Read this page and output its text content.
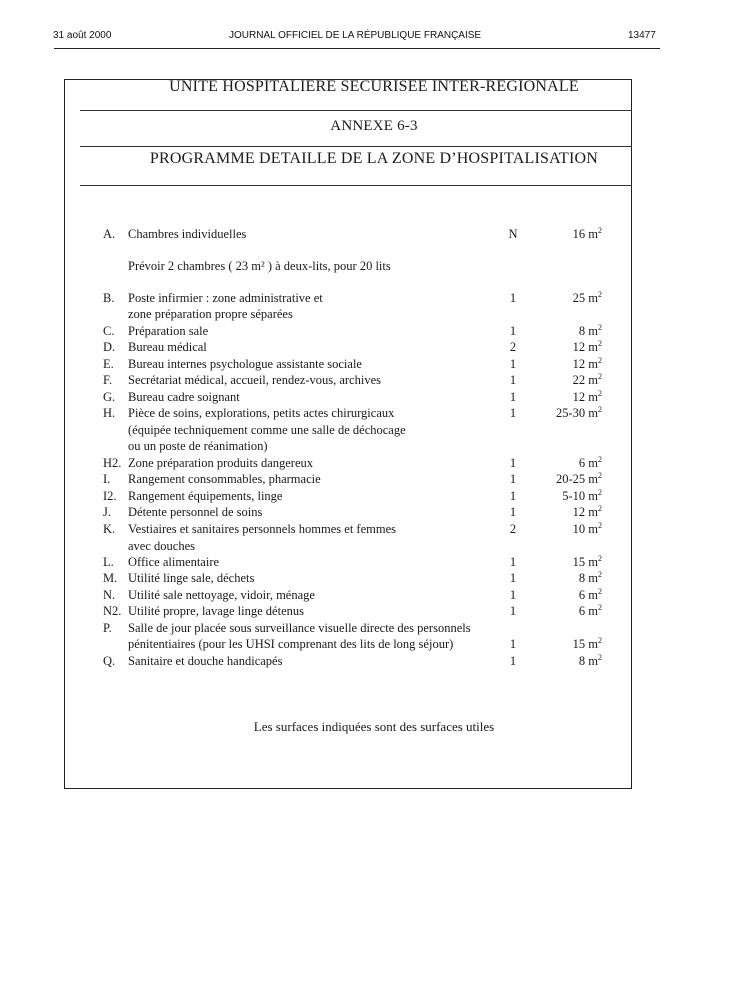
31 août 2000	JOURNAL OFFICIEL DE LA RÉPUBLIQUE FRANÇAISE	13477
UNITE HOSPITALIERE SECURISEE INTER-REGIONALE
ANNEXE 6-3
PROGRAMME DETAILLE DE LA ZONE D’HOSPITALISATION
A. Chambres individuelles	N	16 $m^2$
Prévoir 2 chambres ( 23 m² ) à deux-lits, pour 20 lits
B. Poste infirmier : zone administrative et	1	25 $m^2$
zone préparation propre séparées
C. Préparation sale	1	8 $m^2$
D. Bureau médical	2	12 $m^2$
E. Bureau internes psychologue assistante sociale	1	12 $m^2$
F. Secrétariat médical, accueil, rendez-vous, archives	1	22 $m^2$
G. Bureau cadre soignant	1	12 $m^2$
H. Pièce de soins, explorations, petits actes chirurgicaux	1	25-30 $m^2$
(équipée techniquement comme une salle de déchocage
ou un poste de réanimation)
H2. Zone préparation produits dangereux	1	6 $m^2$
I. Rangement consommables, pharmacie	1	20-25 $m^2$
I2. Rangement équipements, linge	1	5-10 $m^2$
J. Détente personnel de soins	1	12 $m^2$
K. Vestiaires et sanitaires personnels hommes et femmes	2	10 $m^2$
avec douches
L. Office alimentaire	1	15 $m^2$
M. Utilité linge sale, déchets	1	8 $m^2$
N. Utilité sale nettoyage, vidoir, ménage	1	6 $m^2$
N2. Utilité propre, lavage linge détenus	1	6 $m^2$
P. Salle de jour placée sous surveillance visuelle directe des personnels
pénitentiaires (pour les UHSI comprenant des lits de long séjour)	1	15 $m^2$
Q. Sanitaire et douche handicapés	1	8 $m^2$
Les surfaces indiquées sont des surfaces utiles
